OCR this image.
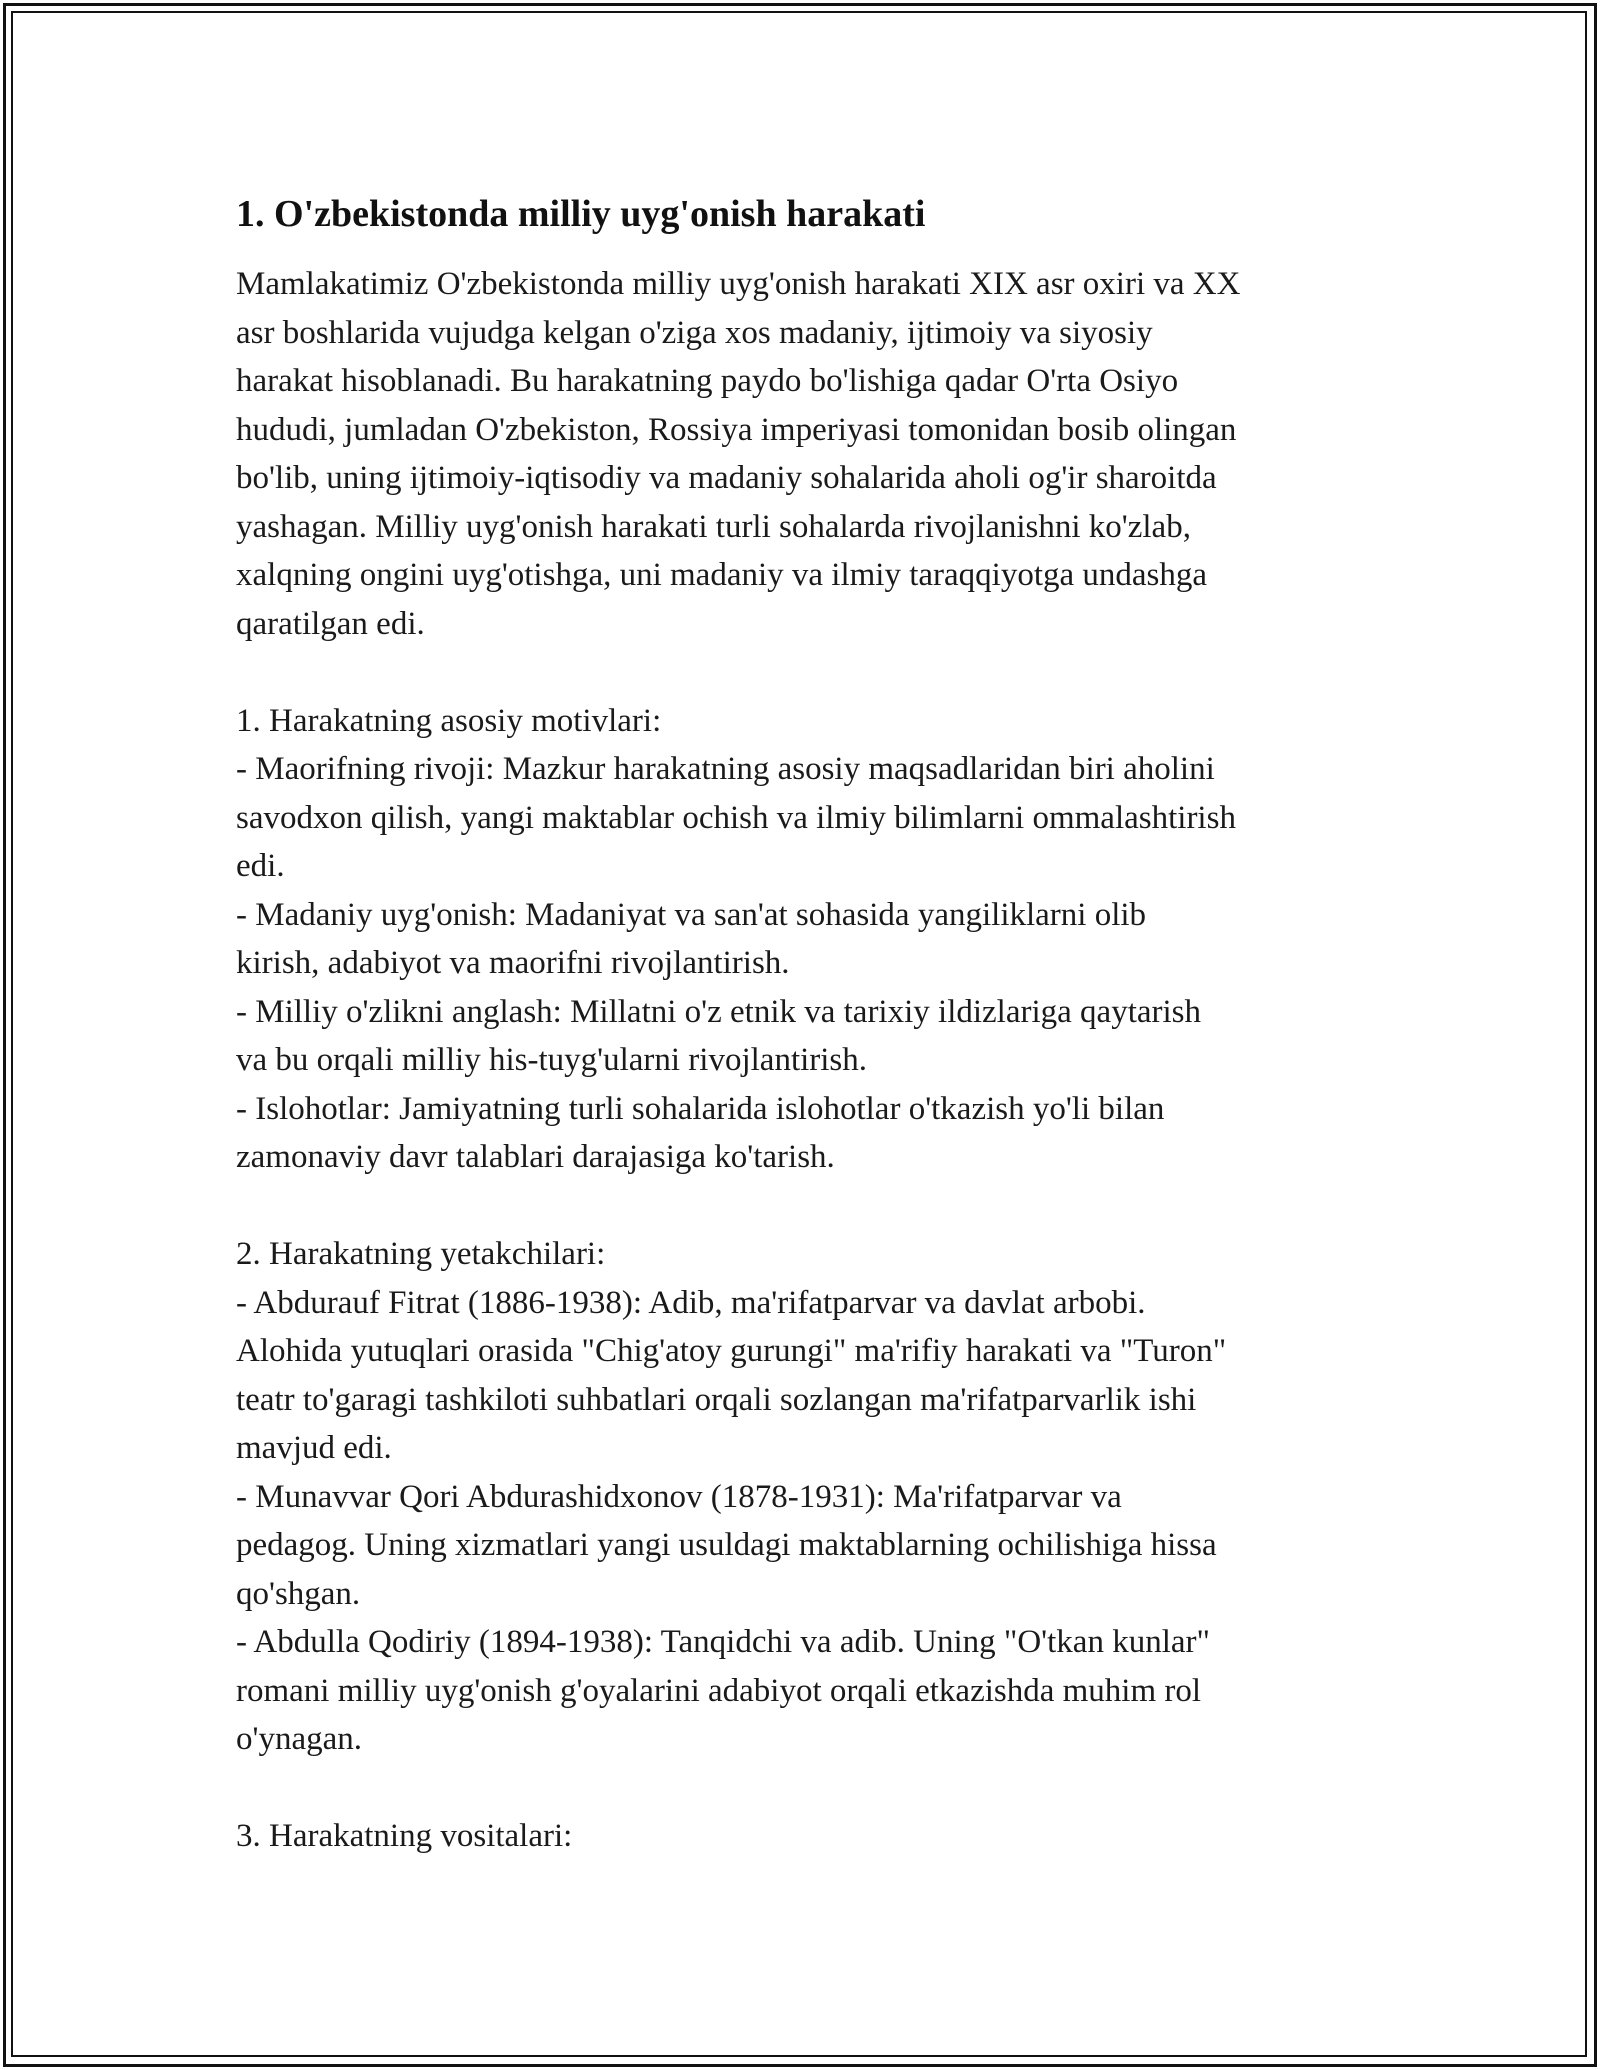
1. O'zbekistonda milliy uyg'onish harakati
Mamlakatimiz O'zbekistonda milliy uyg'onish harakati XIX asr oxiri va XX
asr boshlarida vujudga kelgan o'ziga xos madaniy, ijtimoiy va siyosiy
harakat hisoblanadi. Bu harakatning paydo bo'lishiga qadar O'rta Osiyo
hududi, jumladan O'zbekiston, Rossiya imperiyasi tomonidan bosib olingan
bo'lib, uning ijtimoiy-iqtisodiy va madaniy sohalarida aholi og'ir sharoitda
yashagan. Milliy uyg'onish harakati turli sohalarda rivojlanishni ko'zlab,
xalqning ongini uyg'otishga, uni madaniy va ilmiy taraqqiyotga undashga
qaratilgan edi.

1. Harakatning asosiy motivlari:
- Maorifning rivoji: Mazkur harakatning asosiy maqsadlaridan biri aholini
savodxon qilish, yangi maktablar ochish va ilmiy bilimlarni ommalashtirish
edi.
- Madaniy uyg'onish: Madaniyat va san'at sohasida yangiliklarni olib
kirish, adabiyot va maorifni rivojlantirish.
- Milliy o'zlikni anglash: Millatni o'z etnik va tarixiy ildizlariga qaytarish
va bu orqali milliy his-tuyg'ularni rivojlantirish.
- Islohotlar: Jamiyatning turli sohalarida islohotlar o'tkazish yo'li bilan
zamonaviy davr talablari darajasiga ko'tarish.

2. Harakatning yetakchilari:
- Abdurauf Fitrat (1886-1938): Adib, ma'rifatparvar va davlat arbobi.
Alohida yutuqlari orasida "Chig'atoy gurungi" ma'rifiy harakati va "Turon"
teatr to'garagi tashkiloti suhbatlari orqali sozlangan ma'rifatparvarlik ishi
mavjud edi.
- Munavvar Qori Abdurashidxonov (1878-1931): Ma'rifatparvar va
pedagog. Uning xizmatlari yangi usuldagi maktablarning ochilishiga hissa
qo'shgan.
- Abdulla Qodiriy (1894-1938): Tanqidchi va adib. Uning "O'tkan kunlar"
romani milliy uyg'onish g'oyalarini adabiyot orqali etkazishda muhim rol
o'ynagan.

3. Harakatning vositalari:
